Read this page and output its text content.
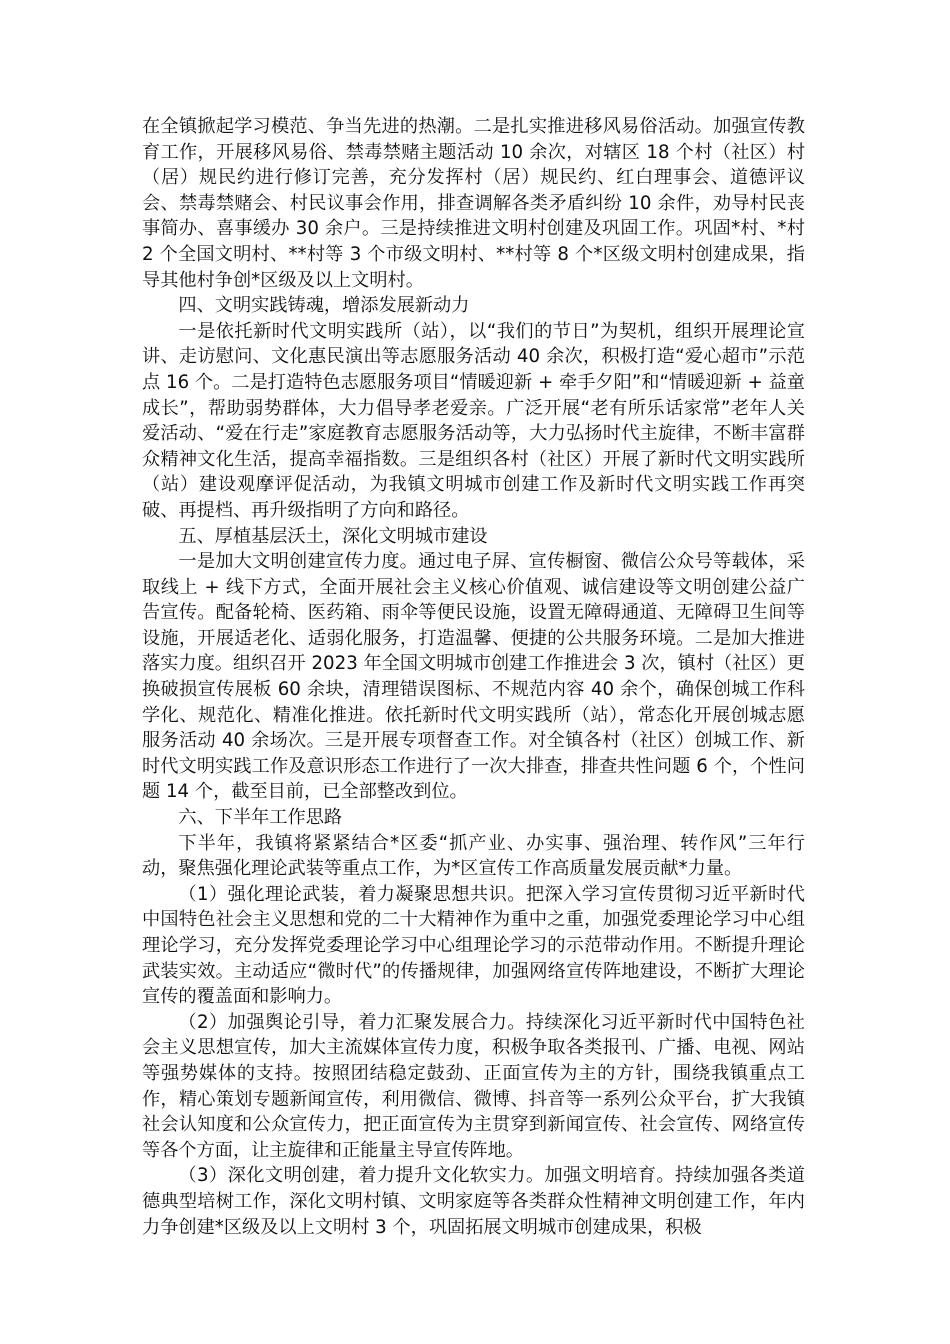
在全镇掀起学习模范、争当先进的热潮。二是扎实推进移风易俗活动。加强宣传教育工作，开展移风易俗、禁毒禁赌主题活动 10 余次，对辖区 18 个村（社区）村（居）规民约进行修订完善，充分发挥村（居）规民约、红白理事会、道德评议会、禁毒禁赌会、村民议事会作用，排查调解各类矛盾纠纷 10 余件，劝导村民丧事简办、喜事缓办 30 余户。三是持续推进文明村创建及巩固工作。巩固*村、*村 2 个全国文明村、**村等 3 个市级文明村、**村等 8 个*区级文明村创建成果，指导其他村争创*区级及以上文明村。

四、文明实践铸魂，增添发展新动力

一是依托新时代文明实践所（站），以“我们的节日”为契机，组织开展理论宣讲、走访慰问、文化惠民演出等志愿服务活动 40 余次，积极打造“爱心超市”示范点 16 个。二是打造特色志愿服务项目“情暖迎新 + 牵手夕阳”和“情暖迎新 + 益童成长”，帮助弱势群体，大力倡导孝老爱亲。广泛开展“老有所乐话家常”老年人关爱活动、“爱在行走”家庭教育志愿服务活动等，大力弘扬时代主旋律，不断丰富群众精神文化生活，提高幸福指数。三是组织各村（社区）开展了新时代文明实践所（站）建设观摩评促活动，为我镇文明城市创建工作及新时代文明实践工作再突破、再提档、再升级指明了方向和路径。

五、厚植基层沃土，深化文明城市建设

一是加大文明创建宣传力度。通过电子屏、宣传橱窗、微信公众号等载体，采取线上 + 线下方式，全面开展社会主义核心价值观、诚信建设等文明创建公益广告宣传。配备轮椅、医药箱、雨伞等便民设施，设置无障碍通道、无障碍卫生间等设施，开展适老化、适弱化服务，打造温馨、便捷的公共服务环境。二是加大推进落实力度。组织召开 2023 年全国文明城市创建工作推进会 3 次，镇村（社区）更换破损宣传展板 60 余块，清理错误图标、不规范内容 40 余个，确保创城工作科学化、规范化、精准化推进。依托新时代文明实践所（站），常态化开展创城志愿服务活动 40 余场次。三是开展专项督查工作。对全镇各村（社区）创城工作、新时代文明实践工作及意识形态工作进行了一次大排查，排查共性问题 6 个，个性问题 14 个，截至目前，已全部整改到位。

六、下半年工作思路

下半年，我镇将紧紧结合*区委“抓产业、办实事、强治理、转作风”三年行动，聚焦强化理论武装等重点工作，为*区宣传工作高质量发展贡献*力量。

（1）强化理论武装，着力凝聚思想共识。把深入学习宣传贯彻习近平新时代中国特色社会主义思想和党的二十大精神作为重中之重，加强党委理论学习中心组理论学习，充分发挥党委理论学习中心组理论学习的示范带动作用。不断提升理论武装实效。主动适应“微时代”的传播规律，加强网络宣传阵地建设，不断扩大理论宣传的覆盖面和影响力。

（2）加强舆论引导，着力汇聚发展合力。持续深化习近平新时代中国特色社会主义思想宣传，加大主流媒体宣传力度，积极争取各类报刊、广播、电视、网站等强势媒体的支持。按照团结稳定鼓劲、正面宣传为主的方针，围绕我镇重点工作，精心策划专题新闻宣传，利用微信、微博、抖音等一系列公众平台，扩大我镇社会认知度和公众宣传力，把正面宣传为主贯穿到新闻宣传、社会宣传、网络宣传等各个方面，让主旋律和正能量主导宣传阵地。

（3）深化文明创建，着力提升文化软实力。加强文明培育。持续加强各类道德典型培树工作，深化文明村镇、文明家庭等各类群众性精神文明创建工作，年内力争创建*区级及以上文明村 3 个，巩固拓展文明城市创建成果，积极
